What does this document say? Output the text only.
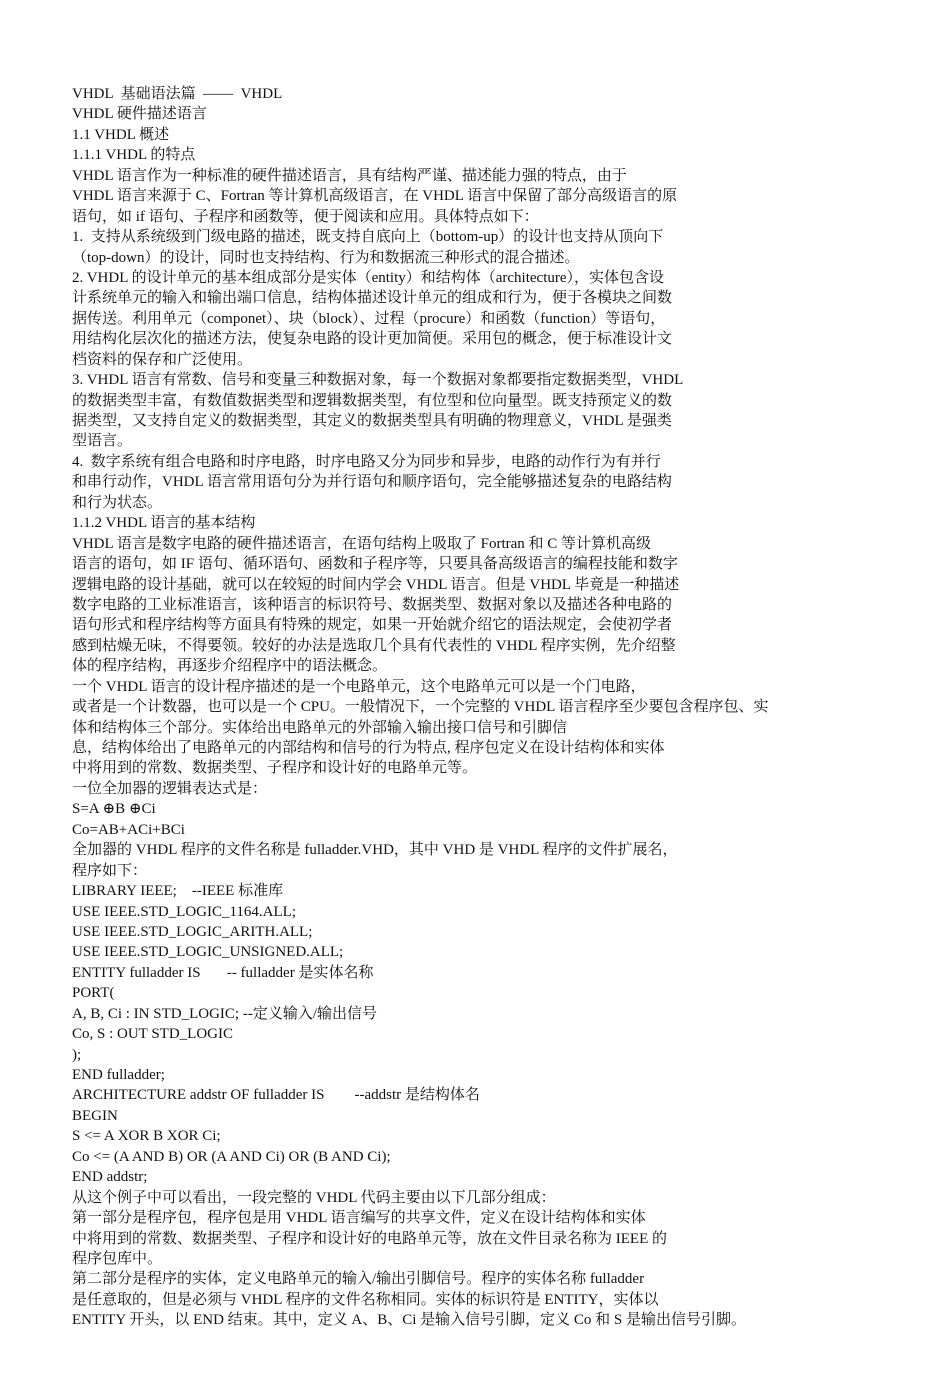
VHDL  基础语法篇  ——  VHDL
VHDL 硬件描述语言
1.1 VHDL 概述
1.1.1 VHDL 的特点
VHDL 语言作为一种标准的硬件描述语言，具有结构严谨、描述能力强的特点，由于
VHDL 语言来源于 C、Fortran 等计算机高级语言，在 VHDL 语言中保留了部分高级语言的原
语句，如 if 语句、子程序和函数等，便于阅读和应用。具体特点如下：
1.  支持从系统级到门级电路的描述，既支持自底向上（bottom-up）的设计也支持从顶向下
（top-down）的设计，同时也支持结构、行为和数据流三种形式的混合描述。
2. VHDL 的设计单元的基本组成部分是实体（entity）和结构体（architecture），实体包含设
计系统单元的输入和输出端口信息，结构体描述设计单元的组成和行为，便于各模块之间数
据传送。利用单元（componet）、块（block）、过程（procure）和函数（function）等语句，
用结构化层次化的描述方法，使复杂电路的设计更加简便。采用包的概念，便于标准设计文
档资料的保存和广泛使用。
3. VHDL 语言有常数、信号和变量三种数据对象，每一个数据对象都要指定数据类型，VHDL
的数据类型丰富，有数值数据类型和逻辑数据类型，有位型和位向量型。既支持预定义的数
据类型，又支持自定义的数据类型，其定义的数据类型具有明确的物理意义，VHDL 是强类
型语言。
4.  数字系统有组合电路和时序电路，时序电路又分为同步和异步，电路的动作行为有并行
和串行动作，VHDL 语言常用语句分为并行语句和顺序语句，完全能够描述复杂的电路结构
和行为状态。
1.1.2 VHDL 语言的基本结构
VHDL 语言是数字电路的硬件描述语言，在语句结构上吸取了 Fortran 和 C 等计算机高级
语言的语句，如 IF 语句、循环语句、函数和子程序等，只要具备高级语言的编程技能和数字
逻辑电路的设计基础，就可以在较短的时间内学会 VHDL 语言。但是 VHDL 毕竟是一种描述
数字电路的工业标准语言，该种语言的标识符号、数据类型、数据对象以及描述各种电路的
语句形式和程序结构等方面具有特殊的规定，如果一开始就介绍它的语法规定，会使初学者
感到枯燥无味，不得要领。较好的办法是选取几个具有代表性的 VHDL 程序实例，先介绍整
体的程序结构，再逐步介绍程序中的语法概念。
一个 VHDL 语言的设计程序描述的是一个电路单元，这个电路单元可以是一个门电路，
或者是一个计数器，也可以是一个 CPU。一般情况下，一个完整的 VHDL 语言程序至少要包含程序包、实
体和结构体三个部分。实体给出电路单元的外部输入输出接口信号和引脚信
息，结构体给出了电路单元的内部结构和信号的行为特点, 程序包定义在设计结构体和实体
中将用到的常数、数据类型、子程序和设计好的电路单元等。
一位全加器的逻辑表达式是：
S=A ⊕B ⊕Ci
Co=AB+ACi+BCi
全加器的 VHDL 程序的文件名称是 fulladder.VHD，其中 VHD 是 VHDL 程序的文件扩展名，
程序如下：
LIBRARY IEEE;    --IEEE 标准库
USE IEEE.STD_LOGIC_1164.ALL;
USE IEEE.STD_LOGIC_ARITH.ALL;
USE IEEE.STD_LOGIC_UNSIGNED.ALL;
ENTITY fulladder IS       -- fulladder 是实体名称
PORT(
A, B, Ci : IN STD_LOGIC; --定义输入/输出信号
Co, S : OUT STD_LOGIC
);
END fulladder;
ARCHITECTURE addstr OF fulladder IS        --addstr 是结构体名
BEGIN
S <= A XOR B XOR Ci;
Co <= (A AND B) OR (A AND Ci) OR (B AND Ci);
END addstr;
从这个例子中可以看出，一段完整的 VHDL 代码主要由以下几部分组成：
第一部分是程序包，程序包是用 VHDL 语言编写的共享文件，定义在设计结构体和实体
中将用到的常数、数据类型、子程序和设计好的电路单元等，放在文件目录名称为 IEEE 的
程序包库中。
第二部分是程序的实体，定义电路单元的输入/输出引脚信号。程序的实体名称 fulladder
是任意取的，但是必须与 VHDL 程序的文件名称相同。实体的标识符是 ENTITY，实体以
ENTITY 开头，以 END 结束。其中，定义 A、B、Ci 是输入信号引脚，定义 Co 和 S 是输出信号引脚。
